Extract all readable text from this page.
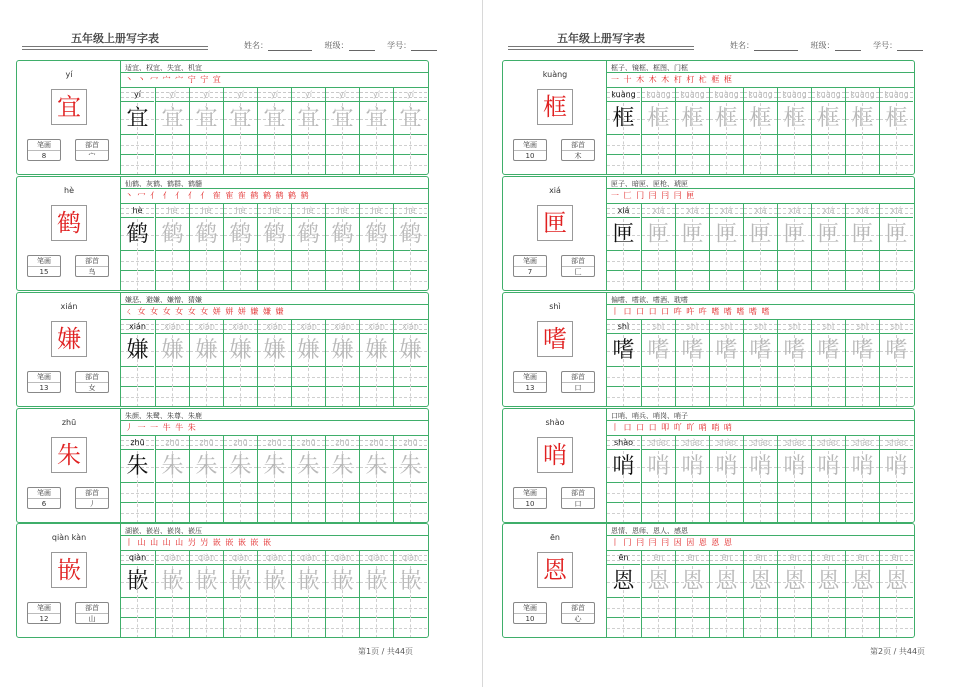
五年级上册写字表
姓名：	班级：	学号：
第1页 / 共44页
yí
宜
笔画
8
部首
宀
适宜、权宜、失宜、机宜
丶 丶 冖 宀 宀 宁 宁 宜
yí
宜
yí
宜
yí
宜
yí
宜
yí
宜
yí
宜
yí
宜
yí
宜
yí
宜
hè
鹤
笔画
15
部首
鸟
仙鹤、灰鹤、鹤群、鹤髓
丶 冖 亻 亻 亻 亻 亻 隺 隺 隺 鹤 鹤 鹤 鹤 鹤
hè
鹤
hè
鹤
hè
鹤
hè
鹤
hè
鹤
hè
鹤
hè
鹤
hè
鹤
hè
鹤
xián
嫌
笔画
13
部首
女
嫌恶、避嫌、嫌憎、猜嫌
ㄑ 女 女 女 女 女 女 姘 姘 姘 嫌 嫌 嫌
xián
嫌
xián
嫌
xián
嫌
xián
嫌
xián
嫌
xián
嫌
xián
嫌
xián
嫌
xián
嫌
zhū
朱
笔画
6
部首
丿
朱颜、朱鹭、朱尊、朱鹿
丿 一 一 牛 牛 朱
zhū
朱
zhū
朱
zhū
朱
zhū
朱
zhū
朱
zhū
朱
zhū
朱
zhū
朱
zhū
朱
qiàn kàn
嵌
笔画
12
部首
山
湖嵌、嵌岩、嵌岗、嵌压
丨 山 山 山 山 屶 屶 嵌 嵌 嵌 嵌 嵌
qiàn
嵌
qiàn
嵌
qiàn
嵌
qiàn
嵌
qiàn
嵌
qiàn
嵌
qiàn
嵌
qiàn
嵌
qiàn
嵌
五年级上册写字表
姓名：	班级：	学号：
第2页 / 共44页
kuàng
框
笔画
10
部首
木
框子、镜框、框图、门框
一 十 木 木 木 朾 朾 杧 框 框
kuàng
框
kuàng
框
kuàng
框
kuàng
框
kuàng
框
kuàng
框
kuàng
框
kuàng
框
kuàng
框
xiá
匣
笔画
7
部首
匚
匣子、暗匣、匣枪、琥匣
一 匚 冂 冃 冃 冃 匣
xiá
匣
xiá
匣
xiá
匣
xiá
匣
xiá
匣
xiá
匣
xiá
匣
xiá
匣
xiá
匣
shì
嗜
笔画
13
部首
口
偏嗜、嗜欲、嗜酒、耽嗜
丨 口 口 口 口 吘 吘 吘 嗜 嗜 嗜 嗜 嗜
shì
嗜
shì
嗜
shì
嗜
shì
嗜
shì
嗜
shì
嗜
shì
嗜
shì
嗜
shì
嗜
shào
哨
笔画
10
部首
口
口哨、哨兵、哨岗、哨子
丨 口 口 口 叩 吖 吖 哨 哨 哨
shào
哨
shào
哨
shào
哨
shào
哨
shào
哨
shào
哨
shào
哨
shào
哨
shào
哨
ēn
恩
笔画
10
部首
心
恩情、恩师、恩人、感恩
丨 冂 冃 冃 冃 因 因 恩 恩 恩
ēn
恩
ēn
恩
ēn
恩
ēn
恩
ēn
恩
ēn
恩
ēn
恩
ēn
恩
ēn
恩
